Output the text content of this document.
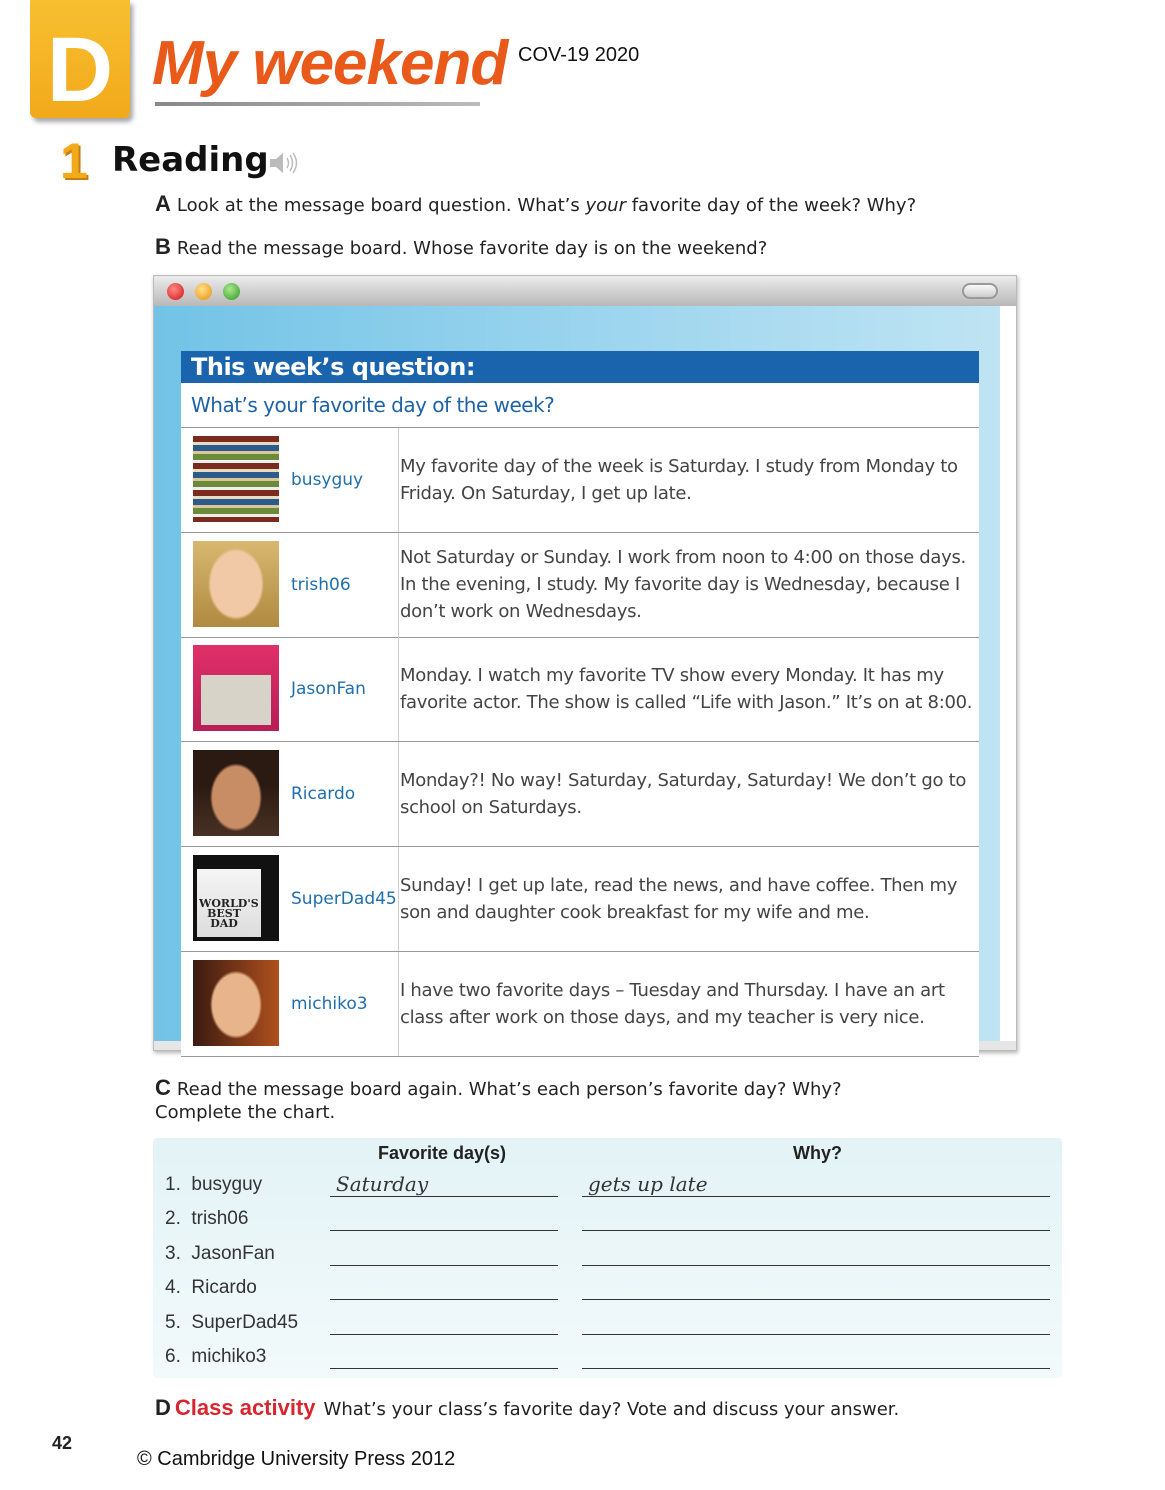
D My weekend COV-19 2020
1 Reading
A Look at the message board question. What’s your favorite day of the week? Why?
B Read the message board. Whose favorite day is on the weekend?
This week’s question:
What’s your favorite day of the week?
busyguy
My favorite day of the week is Saturday. I study from Monday to Friday. On Saturday, I get up late.
trish06
Not Saturday or Sunday. I work from noon to 4:00 on those days. In the evening, I study. My favorite day is Wednesday, because I don’t work on Wednesdays.
JasonFan
Monday. I watch my favorite TV show every Monday. It has my favorite actor. The show is called “Life with Jason.” It’s on at 8:00.
Ricardo
Monday?! No way! Saturday, Saturday, Saturday! We don’t go to school on Saturdays.
WORLD'S BEST DAD
SuperDad45
Sunday! I get up late, read the news, and have coffee. Then my son and daughter cook breakfast for my wife and me.
michiko3
I have two favorite days – Tuesday and Thursday. I have an art class after work on those days, and my teacher is very nice.
C Read the message board again. What’s each person’s favorite day? Why?
Complete the chart.
Favorite day(s)	Why?
1.  busyguy	Saturday	gets up late
2.  trish06
3.  JasonFan
4.  Ricardo
5.  SuperDad45
6.  michiko3
D Class activity What’s your class’s favorite day? Vote and discuss your answer.
42
© Cambridge University Press 2012
